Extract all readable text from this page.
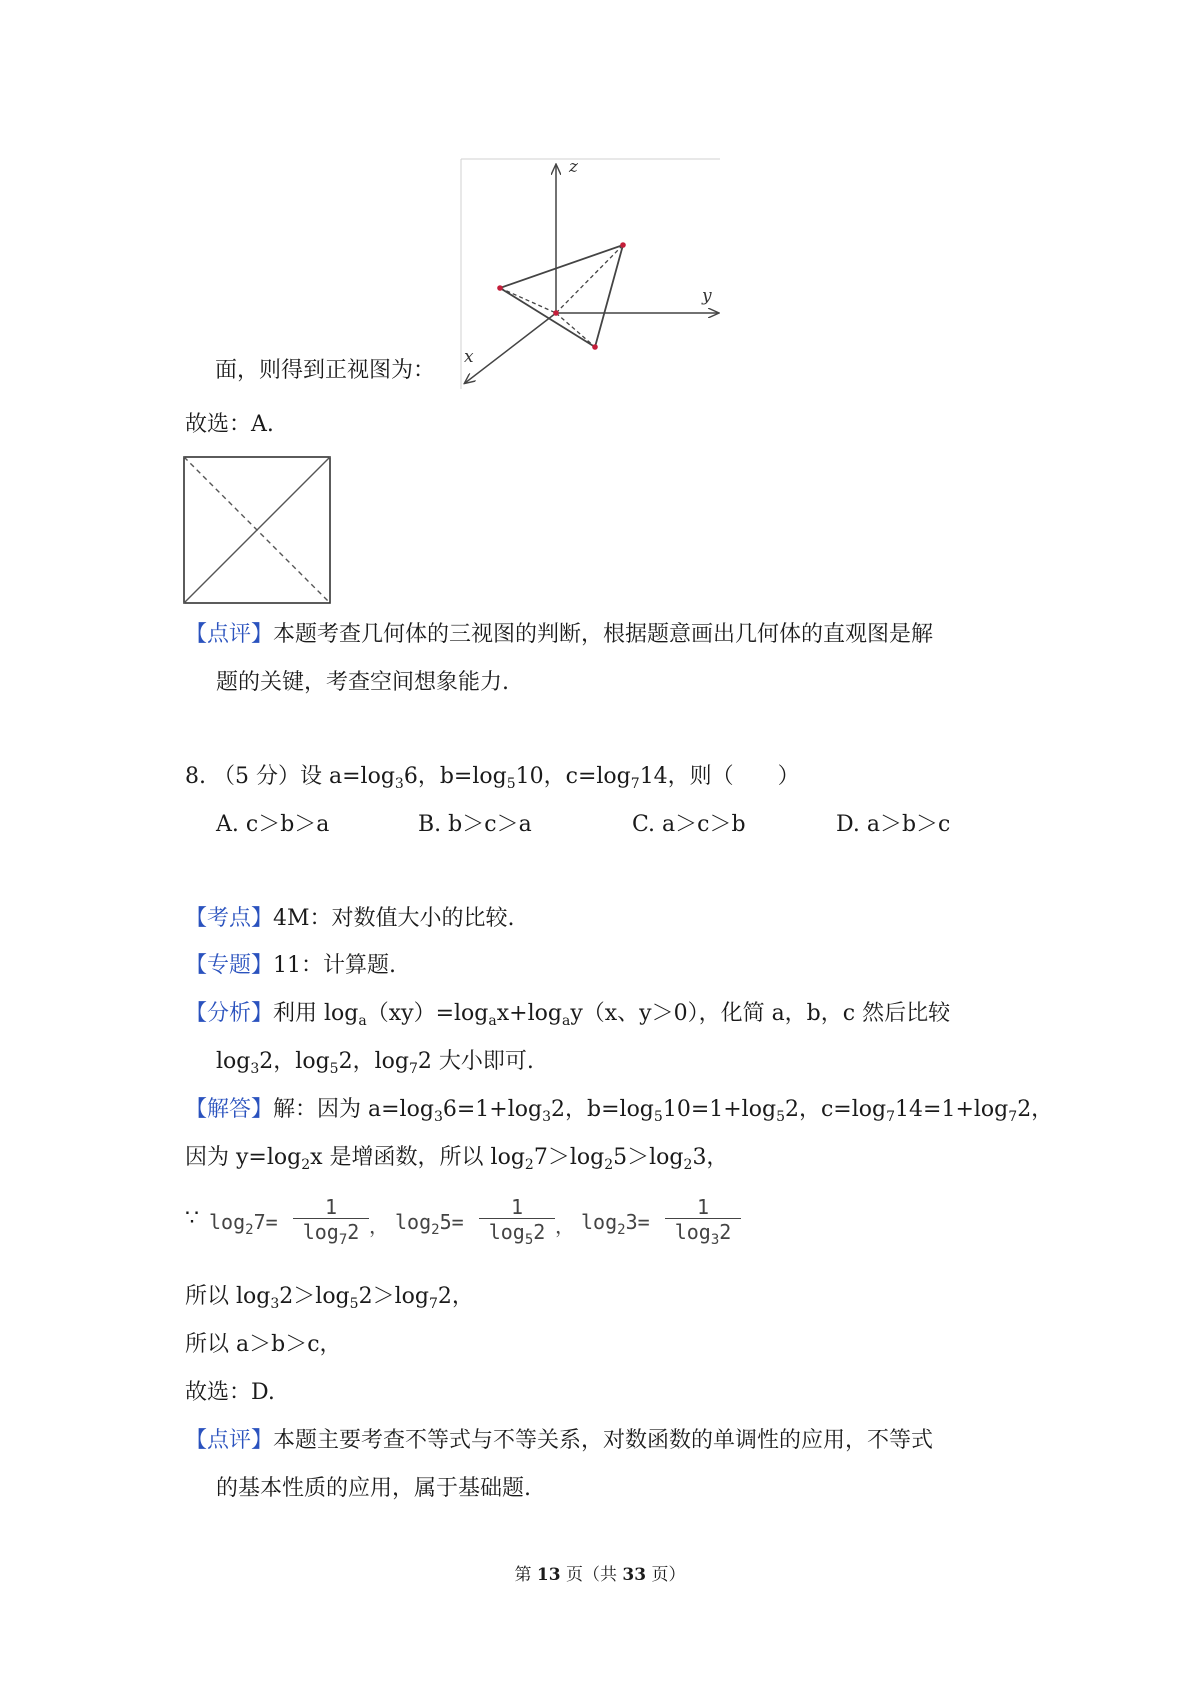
z
y
x
面，则得到正视图为：
故选：A.
【点评】本题考查几何体的三视图的判断，根据题意画出几何体的直观图是解
题的关键，考查空间想象能力.
8. （5 分）设 $a=\log_36$，$b=\log_510$，$c=\log_714$，则（　　）
A. c＞b＞a	B. b＞c＞a	C. a＞c＞b	D. a＞b＞c
【考点】4M：对数值大小的比较.
【专题】11：计算题.
【分析】利用 $\log_a(xy)=\log_ax+\log_ay(x$、y＞0），化简 a，b，c 然后比较
$\log_32$，$\log_52$，$\log_72$ 大小即可.
【解答】解：因为 $a=\log_36=1+\log_32$，$b=\log_510=1+\log_52$，$c=\log_714=1+\log_72$，
因为 $y=\log_2x$ 是增函数，所以 $\log_27>\log_25>\log_23$，
∵ $\log_27=$
1
$\log_72$ ， $\log_25=$
1
$\log_52$ ， $\log_23=$
1
$\log_32$
所以 $\log_32>\log_52>\log_72$，
所以 a＞b＞c，
故选：D.
【点评】本题主要考查不等式与不等关系，对数函数的单调性的应用，不等式
的基本性质的应用，属于基础题.
第 13 页（共 33 页）
